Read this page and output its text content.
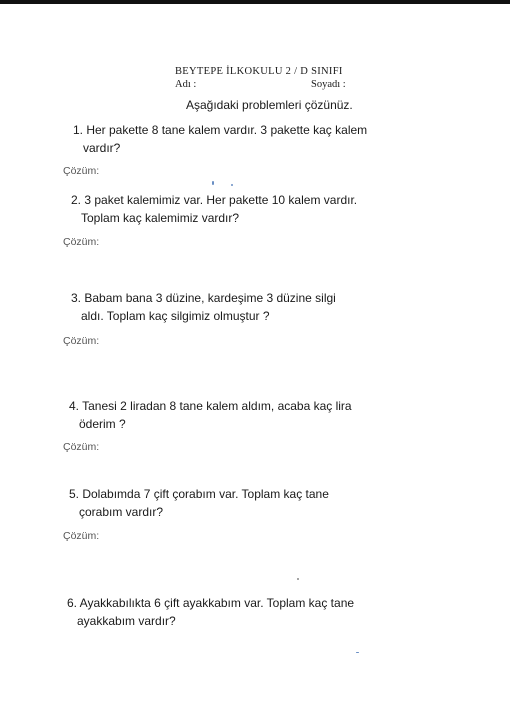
BEYTEPE İLKOKULU 2 / D SINIFI
Adı :	Soyadı :
Aşağıdaki problemleri çözünüz.
1. Her pakette 8 tane kalem vardır. 3 pakette kaç kalem
vardır?
Çözüm:
2. 3 paket kalemimiz var. Her pakette 10 kalem vardır.
Toplam kaç kalemimiz vardır?
Çözüm:
3. Babam bana 3 düzine, kardeşime 3 düzine silgi
aldı. Toplam kaç silgimiz olmuştur ?
Çözüm:
4. Tanesi 2 liradan 8 tane kalem aldım, acaba kaç lira
öderim ?
Çözüm:
5. Dolabımda 7 çift çorabım var. Toplam kaç tane
çorabım vardır?
Çözüm:
6. Ayakkabılıkta 6 çift ayakkabım var. Toplam kaç tane
ayakkabım vardır?
